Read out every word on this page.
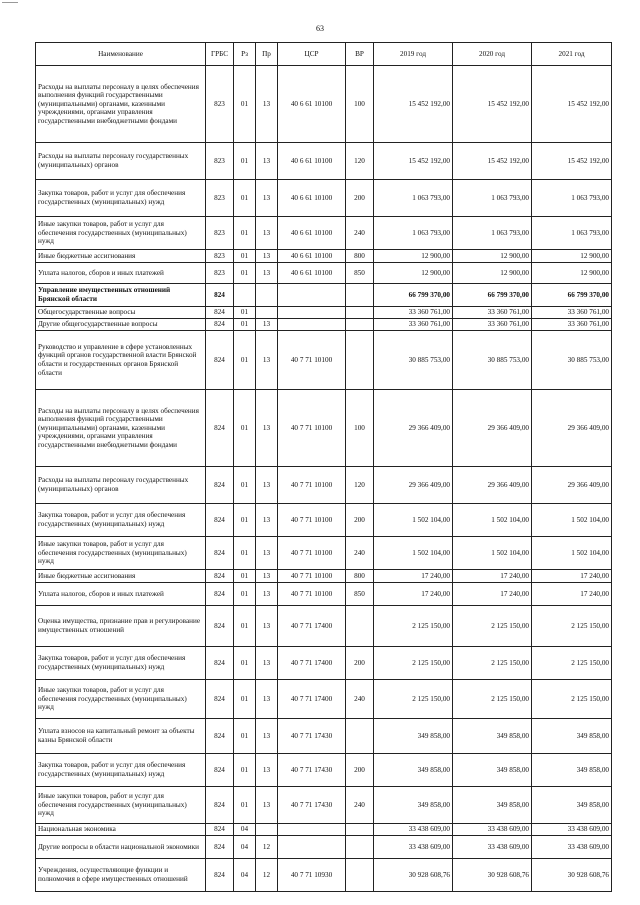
63
Наименование	ГРБС	Рз	Пр	ЦСР	ВР	2019 год	2020 год	2021 год
Расходы на выплаты персоналу в целях обеспечения выполнения функций государственными (муниципальными) органами, казенными учреждениями, органами управления государственными внебюджетными фондами	823	01	13	40 6 61 10100	100	15 452 192,00	15 452 192,00	15 452 192,00
Расходы на выплаты персоналу государственных (муниципальных) органов	823	01	13	40 6 61 10100	120	15 452 192,00	15 452 192,00	15 452 192,00
Закупка товаров, работ и услуг для обеспечения государственных (муниципальных) нужд	823	01	13	40 6 61 10100	200	1 063 793,00	1 063 793,00	1 063 793,00
Иные закупки товаров, работ и услуг для обеспечения государственных (муниципальных) нужд	823	01	13	40 6 61 10100	240	1 063 793,00	1 063 793,00	1 063 793,00
Иные бюджетные ассигнования	823	01	13	40 6 61 10100	800	12 900,00	12 900,00	12 900,00
Уплата налогов, сборов и иных платежей	823	01	13	40 6 61 10100	850	12 900,00	12 900,00	12 900,00
Управление имущественных отношений Брянской области	824					66 799 370,00	66 799 370,00	66 799 370,00
Общегосударственные вопросы	824	01				33 360 761,00	33 360 761,00	33 360 761,00
Другие общегосударственные вопросы	824	01	13			33 360 761,00	33 360 761,00	33 360 761,00
Руководство и управление в сфере установленных функций органов государственной власти Брянской области и государственных органов Брянской области	824	01	13	40 7 71 10100		30 885 753,00	30 885 753,00	30 885 753,00
Расходы на выплаты персоналу в целях обеспечения выполнения функций государственными (муниципальными) органами, казенными учреждениями, органами управления государственными внебюджетными фондами	824	01	13	40 7 71 10100	100	29 366 409,00	29 366 409,00	29 366 409,00
Расходы на выплаты персоналу государственных (муниципальных) органов	824	01	13	40 7 71 10100	120	29 366 409,00	29 366 409,00	29 366 409,00
Закупка товаров, работ и услуг для обеспечения государственных (муниципальных) нужд	824	01	13	40 7 71 10100	200	1 502 104,00	1 502 104,00	1 502 104,00
Иные закупки товаров, работ и услуг для обеспечения государственных (муниципальных) нужд	824	01	13	40 7 71 10100	240	1 502 104,00	1 502 104,00	1 502 104,00
Иные бюджетные ассигнования	824	01	13	40 7 71 10100	800	17 240,00	17 240,00	17 240,00
Уплата налогов, сборов и иных платежей	824	01	13	40 7 71 10100	850	17 240,00	17 240,00	17 240,00
Оценка имущества, признание прав и регулирование имущественных отношений	824	01	13	40 7 71 17400		2 125 150,00	2 125 150,00	2 125 150,00
Закупка товаров, работ и услуг для обеспечения государственных (муниципальных) нужд	824	01	13	40 7 71 17400	200	2 125 150,00	2 125 150,00	2 125 150,00
Иные закупки товаров, работ и услуг для обеспечения государственных (муниципальных) нужд	824	01	13	40 7 71 17400	240	2 125 150,00	2 125 150,00	2 125 150,00
Уплата взносов на капитальный ремонт за объекты казны Брянской области	824	01	13	40 7 71 17430		349 858,00	349 858,00	349 858,00
Закупка товаров, работ и услуг для обеспечения государственных (муниципальных) нужд	824	01	13	40 7 71 17430	200	349 858,00	349 858,00	349 858,00
Иные закупки товаров, работ и услуг для обеспечения государственных (муниципальных) нужд	824	01	13	40 7 71 17430	240	349 858,00	349 858,00	349 858,00
Национальная экономика	824	04				33 438 609,00	33 438 609,00	33 438 609,00
Другие вопросы в области национальной экономики	824	04	12			33 438 609,00	33 438 609,00	33 438 609,00
Учреждения, осуществляющие функции и полномочия в сфере имущественных отношений	824	04	12	40 7 71 10930		30 928 608,76	30 928 608,76	30 928 608,76
